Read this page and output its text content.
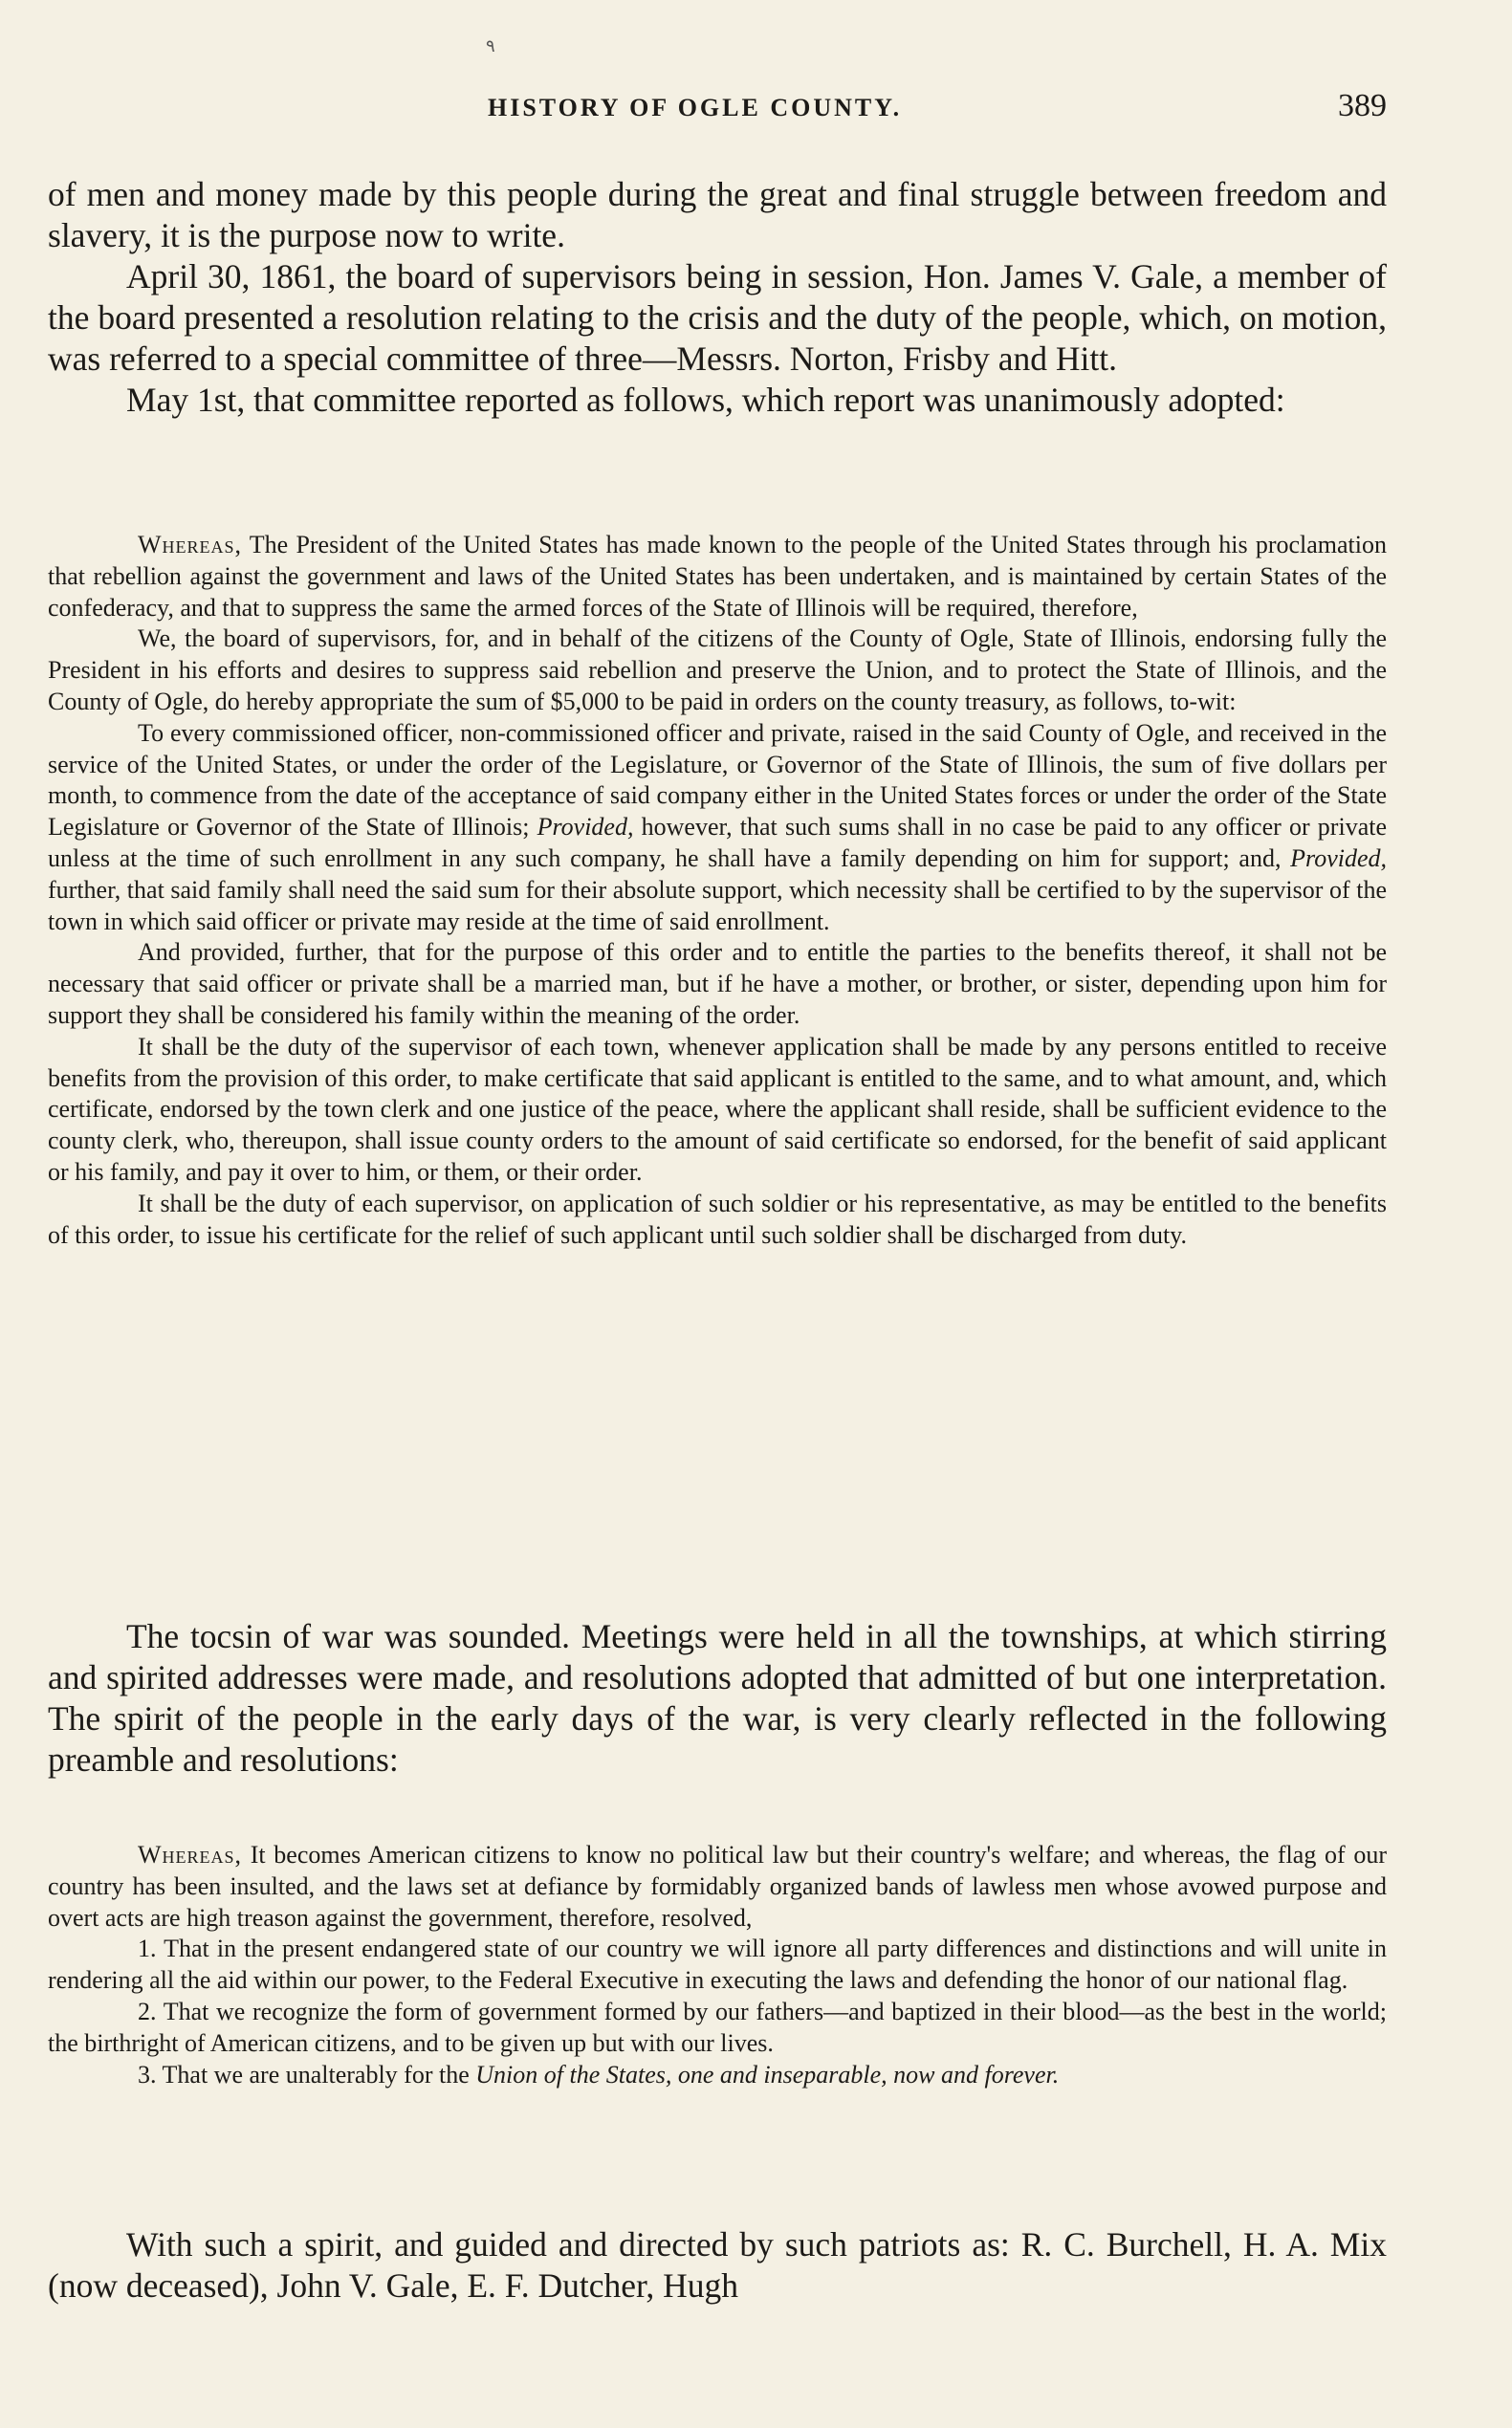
٩
HISTORY OF OGLE COUNTY.	389

of men and money made by this people during the great and final struggle between freedom and slavery, it is the purpose now to write.

April 30, 1861, the board of supervisors being in session, Hon. James V. Gale, a member of the board presented a resolution relating to the crisis and the duty of the people, which, on motion, was referred to a special committee of three—Messrs. Norton, Frisby and Hitt.

May 1st, that committee reported as follows, which report was unanimously adopted:

Whereas, The President of the United States has made known to the people of the United States through his proclamation that rebellion against the government and laws of the United States has been undertaken, and is maintained by certain States of the confederacy, and that to suppress the same the armed forces of the State of Illinois will be required, therefore,

We, the board of supervisors, for, and in behalf of the citizens of the County of Ogle, State of Illinois, endorsing fully the President in his efforts and desires to suppress said rebellion and preserve the Union, and to protect the State of Illinois, and the County of Ogle, do hereby appropriate the sum of $5,000 to be paid in orders on the county treasury, as follows, to-wit:

To every commissioned officer, non-commissioned officer and private, raised in the said County of Ogle, and received in the service of the United States, or under the order of the Legislature, or Governor of the State of Illinois, the sum of five dollars per month, to commence from the date of the acceptance of said company either in the United States forces or under the order of the State Legislature or Governor of the State of Illinois; Provided, however, that such sums shall in no case be paid to any officer or private unless at the time of such enrollment in any such company, he shall have a family depending on him for support; and, Provided, further, that said family shall need the said sum for their absolute support, which necessity shall be certified to by the supervisor of the town in which said officer or private may reside at the time of said enrollment.

And provided, further, that for the purpose of this order and to entitle the parties to the benefits thereof, it shall not be necessary that said officer or private shall be a married man, but if he have a mother, or brother, or sister, depending upon him for support they shall be considered his family within the meaning of the order.

It shall be the duty of the supervisor of each town, whenever application shall be made by any persons entitled to receive benefits from the provision of this order, to make certificate that said applicant is entitled to the same, and to what amount, and, which certificate, endorsed by the town clerk and one justice of the peace, where the applicant shall reside, shall be sufficient evidence to the county clerk, who, thereupon, shall issue county orders to the amount of said certificate so endorsed, for the benefit of said applicant or his family, and pay it over to him, or them, or their order.

It shall be the duty of each supervisor, on application of such soldier or his representative, as may be entitled to the benefits of this order, to issue his certificate for the relief of such applicant until such soldier shall be discharged from duty.

The tocsin of war was sounded. Meetings were held in all the townships, at which stirring and spirited addresses were made, and resolutions adopted that admitted of but one interpretation. The spirit of the people in the early days of the war, is very clearly reflected in the following preamble and resolutions:

Whereas, It becomes American citizens to know no political law but their country's welfare; and whereas, the flag of our country has been insulted, and the laws set at defiance by formidably organized bands of lawless men whose avowed purpose and overt acts are high treason against the government, therefore, resolved,

1. That in the present endangered state of our country we will ignore all party differences and distinctions and will unite in rendering all the aid within our power, to the Federal Executive in executing the laws and defending the honor of our national flag.

2. That we recognize the form of government formed by our fathers—and baptized in their blood—as the best in the world; the birthright of American citizens, and to be given up but with our lives.

3. That we are unalterably for the Union of the States, one and inseparable, now and forever.

With such a spirit, and guided and directed by such patriots as: R. C. Burchell, H. A. Mix (now deceased), John V. Gale, E. F. Dutcher, Hugh
